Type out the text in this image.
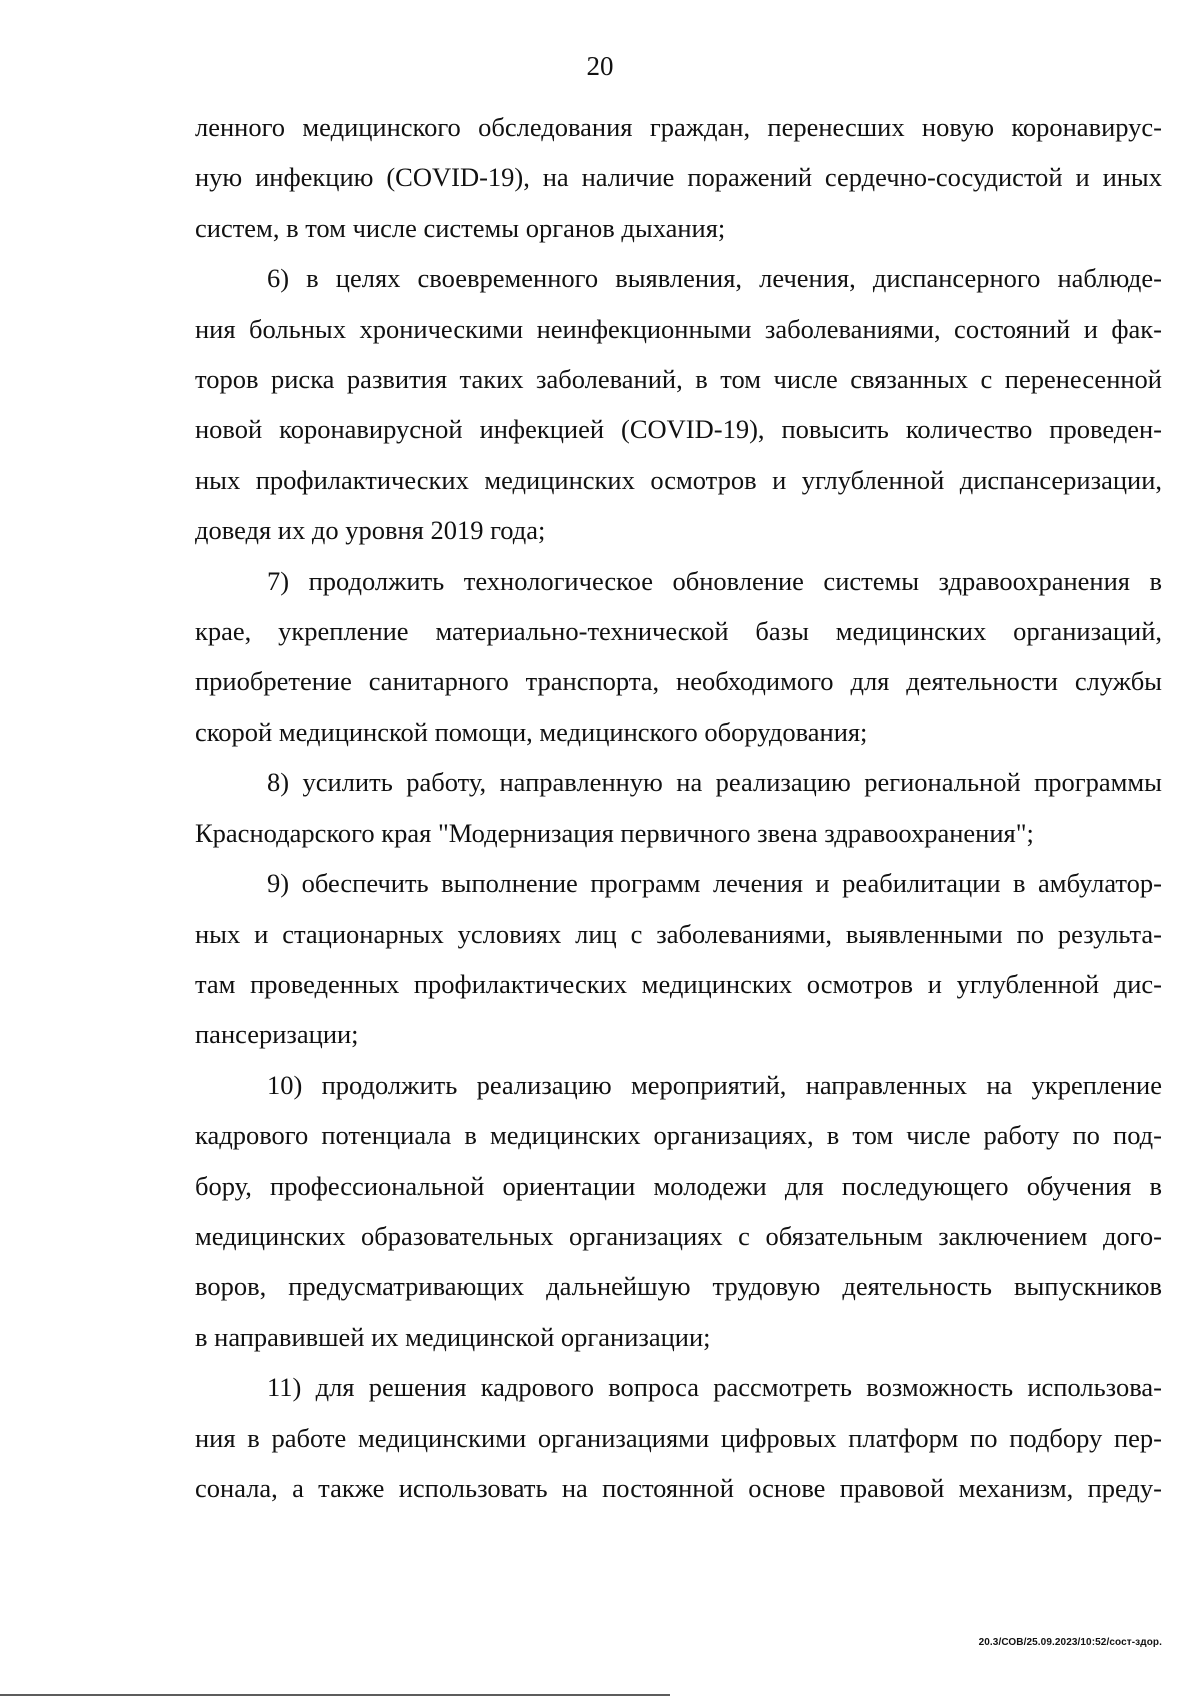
20

ленного медицинского обследования граждан, перенесших новую коронавирус-

ную инфекцию (COVID-19), на наличие поражений сердечно-сосудистой и иных

систем, в том числе системы органов дыхания;

6) в целях своевременного выявления, лечения, диспансерного наблюде-

ния больных хроническими неинфекционными заболеваниями, состояний и фак-

торов риска развития таких заболеваний, в том числе связанных с перенесенной

новой коронавирусной инфекцией (COVID-19), повысить количество проведен-

ных профилактических медицинских осмотров и углубленной диспансеризации,

доведя их до уровня 2019 года;

7) продолжить технологическое обновление системы здравоохранения в

крае, укрепление материально-технической базы медицинских организаций,

приобретение санитарного транспорта, необходимого для деятельности службы

скорой медицинской помощи, медицинского оборудования;

8) усилить работу, направленную на реализацию региональной программы

Краснодарского края "Модернизация первичного звена здравоохранения";

9) обеспечить выполнение программ лечения и реабилитации в амбулатор-

ных и стационарных условиях лиц с заболеваниями, выявленными по результа-

там проведенных профилактических медицинских осмотров и углубленной дис-

пансеризации;

10) продолжить реализацию мероприятий, направленных на укрепление

кадрового потенциала в медицинских организациях, в том числе работу по под-

бору, профессиональной ориентации молодежи для последующего обучения в

медицинских образовательных организациях с обязательным заключением дого-

воров, предусматривающих дальнейшую трудовую деятельность выпускников

в направившей их медицинской организации;

11) для решения кадрового вопроса рассмотреть возможность использова-

ния в работе медицинскими организациями цифровых платформ по подбору пер-

сонала, а также использовать на постоянной основе правовой механизм, преду-

20.3/СОВ/25.09.2023/10:52/сост-здор.
